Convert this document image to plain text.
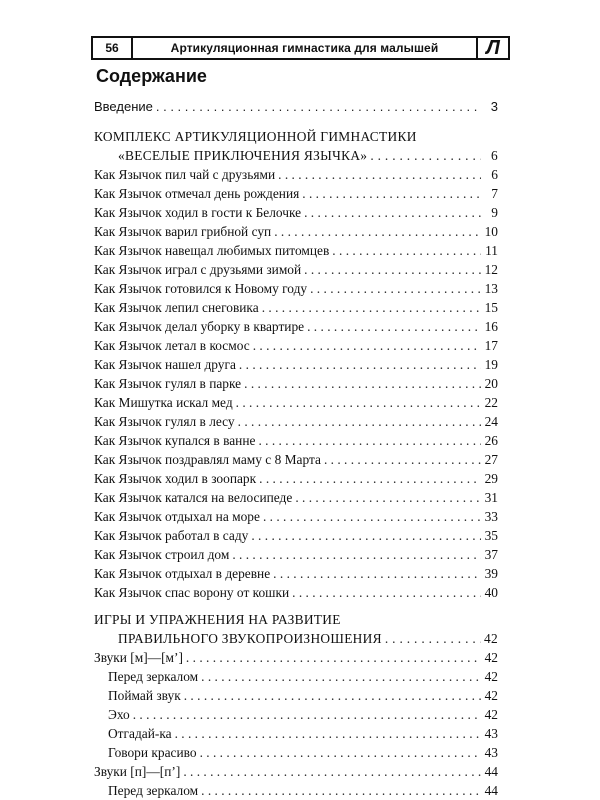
56	Артикуляционная гимнастика для малышей	Л
Содержание
Введение . . .	3
КОМПЛЕКС АРТИКУЛЯЦИОННОЙ ГИМНАСТИКИ
«ВЕСЕЛЫЕ ПРИКЛЮЧЕНИЯ ЯЗЫЧКА» . . .	6
Как Язычок пил чай с друзьями . . .	6
Как Язычок отмечал день рождения . . .	7
Как Язычок ходил в гости к Белочке . . .	9
Как Язычок варил грибной суп . . .	10
Как Язычок навещал любимых питомцев . . .	11
Как Язычок играл с друзьями зимой . . .	12
Как Язычок готовился к Новому году . . .	13
Как Язычок лепил снеговика . . .	15
Как Язычок делал уборку в квартире . . .	16
Как Язычок летал в космос . . .	17
Как Язычок нашел друга . . .	19
Как Язычок гулял в парке . . .	20
Как Мишутка искал мед . . .	22
Как Язычок гулял в лесу . . .	24
Как Язычок купался в ванне . . .	26
Как Язычок поздравлял маму с 8 Марта . . .	27
Как Язычок ходил в зоопарк . . .	29
Как Язычок катался на велосипеде . . .	31
Как Язычок отдыхал на море . . .	33
Как Язычок работал в саду . . .	35
Как Язычок строил дом . . .	37
Как Язычок отдыхал в деревне . . .	39
Как Язычок спас ворону от кошки . . .	40
ИГРЫ И УПРАЖНЕНИЯ НА РАЗВИТИЕ
ПРАВИЛЬНОГО ЗВУКОПРОИЗНОШЕНИЯ . . .	42
Звуки [м]—[м’] . . .	42
Перед зеркалом . . .	42
Поймай звук . . .	42
Эхо . . .	42
Отгадай-ка . . .	43
Говори красиво . . .	43
Звуки [п]—[п’] . . .	44
Перед зеркалом . . .	44
